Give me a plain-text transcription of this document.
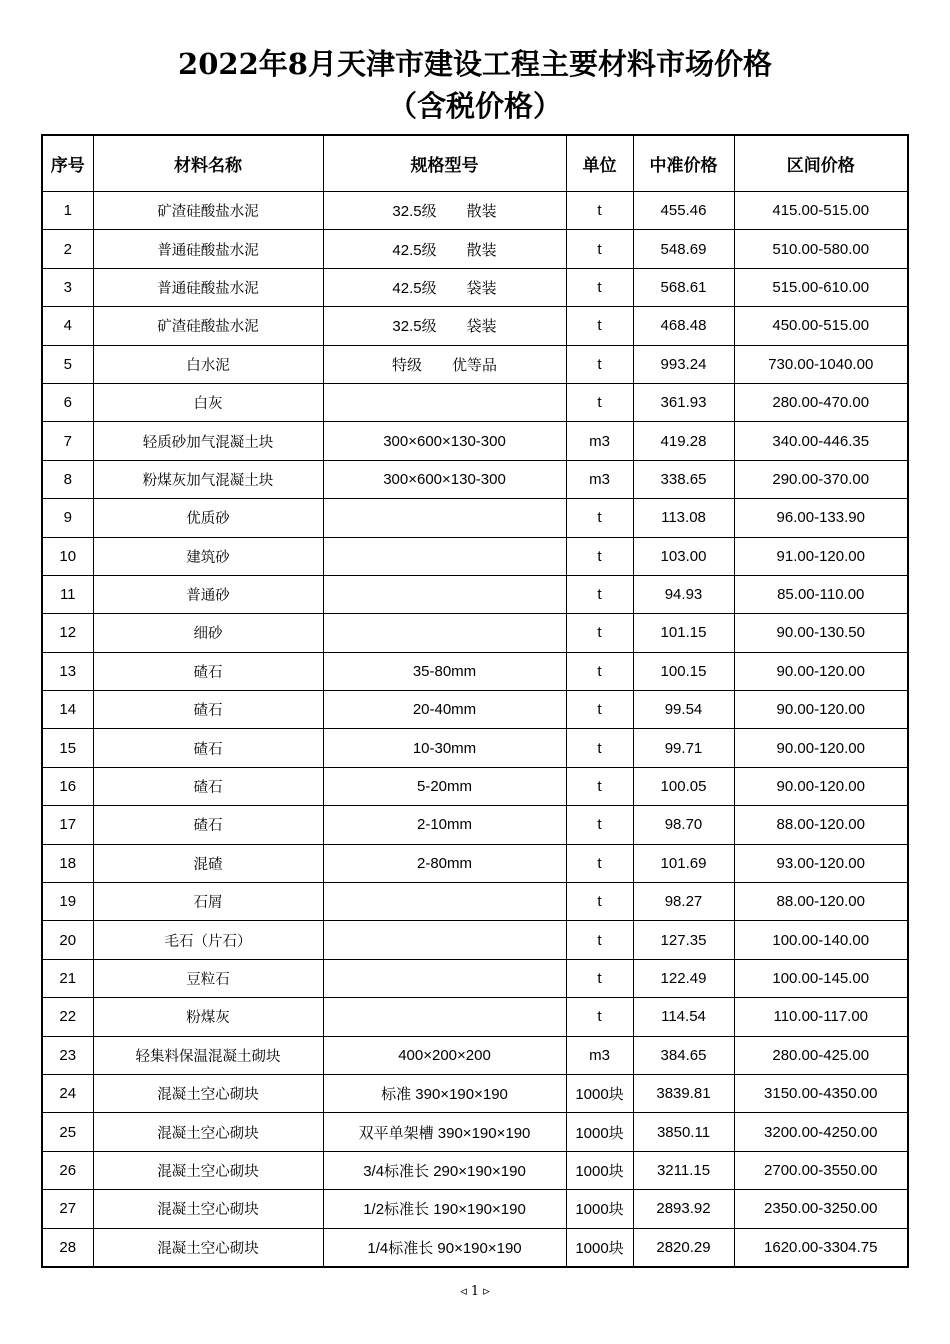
2022年8月天津市建设工程主要材料市场价格
（含税价格）
序号	材料名称	规格型号	单位	中准价格	区间价格
1	矿渣硅酸盐水泥	32.5级　　散装	t	455.46	415.00-515.00
2	普通硅酸盐水泥	42.5级　　散装	t	548.69	510.00-580.00
3	普通硅酸盐水泥	42.5级　　袋装	t	568.61	515.00-610.00
4	矿渣硅酸盐水泥	32.5级　　袋装	t	468.48	450.00-515.00
5	白水泥	特级　　优等品	t	993.24	730.00-1040.00
6	白灰		t	361.93	280.00-470.00
7	轻质砂加气混凝土块	300×600×130-300	m3	419.28	340.00-446.35
8	粉煤灰加气混凝土块	300×600×130-300	m3	338.65	290.00-370.00
9	优质砂		t	113.08	96.00-133.90
10	建筑砂		t	103.00	91.00-120.00
11	普通砂		t	94.93	85.00-110.00
12	细砂		t	101.15	90.00-130.50
13	碴石	35-80mm	t	100.15	90.00-120.00
14	碴石	20-40mm	t	99.54	90.00-120.00
15	碴石	10-30mm	t	99.71	90.00-120.00
16	碴石	5-20mm	t	100.05	90.00-120.00
17	碴石	2-10mm	t	98.70	88.00-120.00
18	混碴	2-80mm	t	101.69	93.00-120.00
19	石屑		t	98.27	88.00-120.00
20	毛石（片石）		t	127.35	100.00-140.00
21	豆粒石		t	122.49	100.00-145.00
22	粉煤灰		t	114.54	110.00-117.00
23	轻集料保温混凝土砌块	400×200×200	m3	384.65	280.00-425.00
24	混凝土空心砌块	标准 390×190×190	1000块	3839.81	3150.00-4350.00
25	混凝土空心砌块	双平单架槽 390×190×190	1000块	3850.11	3200.00-4250.00
26	混凝土空心砌块	3/4标准长 290×190×190	1000块	3211.15	2700.00-3550.00
27	混凝土空心砌块	1/2标准长 190×190×190	1000块	2893.92	2350.00-3250.00
28	混凝土空心砌块	1/4标准长 90×190×190	1000块	2820.29	1620.00-3304.75
◃ 1 ▹
